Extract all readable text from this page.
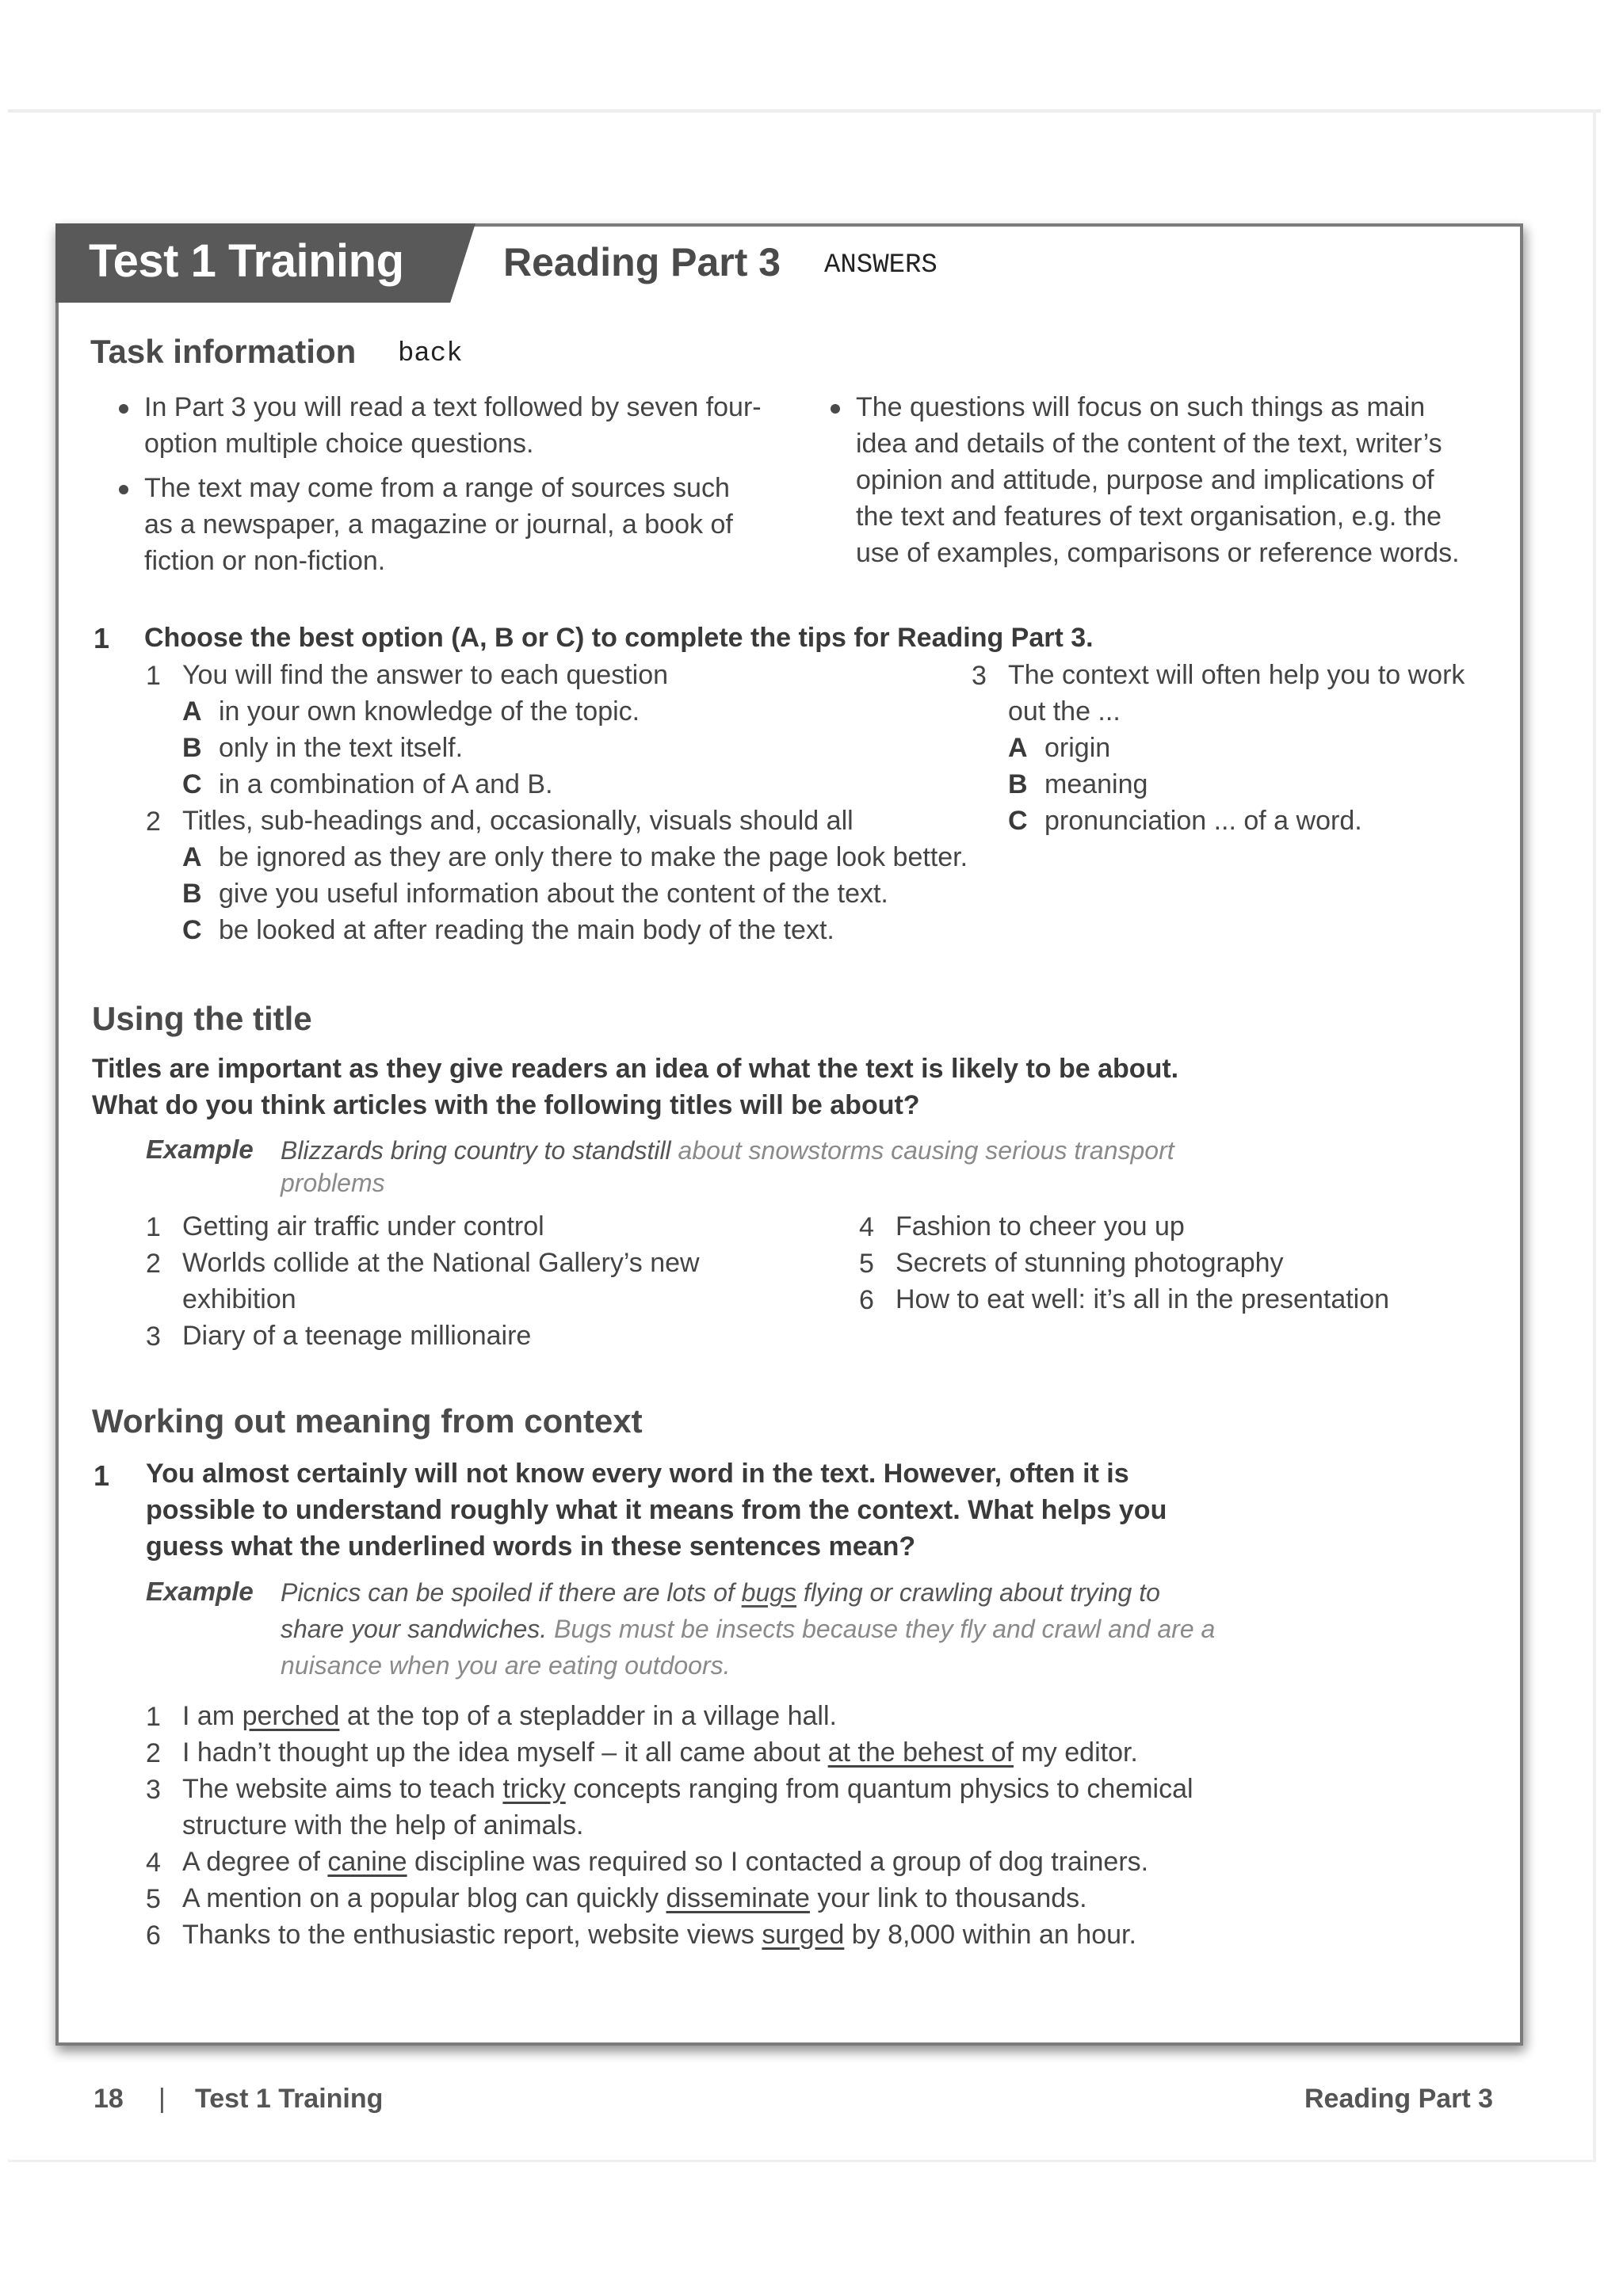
Test 1 Training	Reading Part 3 ANSWERS
Task information back
In Part 3 you will read a text followed by seven four-
option multiple choice questions.
The text may come from a range of sources such
as a newspaper, a magazine or journal, a book of
fiction or non-fiction.
The questions will focus on such things as main
idea and details of the content of the text, writer’s
opinion and attitude, purpose and implications of
the text and features of text organisation, e.g. the
use of examples, comparisons or reference words.
1 Choose the best option (A, B or C) to complete the tips for Reading Part 3.
1 You will find the answer to each question
A in your own knowledge of the topic.
B only in the text itself.
C in a combination of A and B.
2 Titles, sub-headings and, occasionally, visuals should all
A be ignored as they are only there to make the page look better.
B give you useful information about the content of the text.
C be looked at after reading the main body of the text.
3 The context will often help you to work
out the ...
A origin
B meaning
C pronunciation ... of a word.
Using the title
Titles are important as they give readers an idea of what the text is likely to be about.
What do you think articles with the following titles will be about?
Example Blizzards bring country to standstill about snowstorms causing serious transport
problems
1 Getting air traffic under control
2 Worlds collide at the National Gallery’s new
exhibition
3 Diary of a teenage millionaire
4 Fashion to cheer you up
5 Secrets of stunning photography
6 How to eat well: it’s all in the presentation
Working out meaning from context
1 You almost certainly will not know every word in the text. However, often it is
possible to understand roughly what it means from the context. What helps you
guess what the underlined words in these sentences mean?
Example Picnics can be spoiled if there are lots of bugs flying or crawling about trying to
share your sandwiches. Bugs must be insects because they fly and crawl and are a
nuisance when you are eating outdoors.
1 I am perched at the top of a stepladder in a village hall.
2 I hadn’t thought up the idea myself – it all came about at the behest of my editor.
3 The website aims to teach tricky concepts ranging from quantum physics to chemical
structure with the help of animals.
4 A degree of canine discipline was required so I contacted a group of dog trainers.
5 A mention on a popular blog can quickly disseminate your link to thousands.
6 Thanks to the enthusiastic report, website views surged by 8,000 within an hour.
18 | Test 1 Training	Reading Part 3
